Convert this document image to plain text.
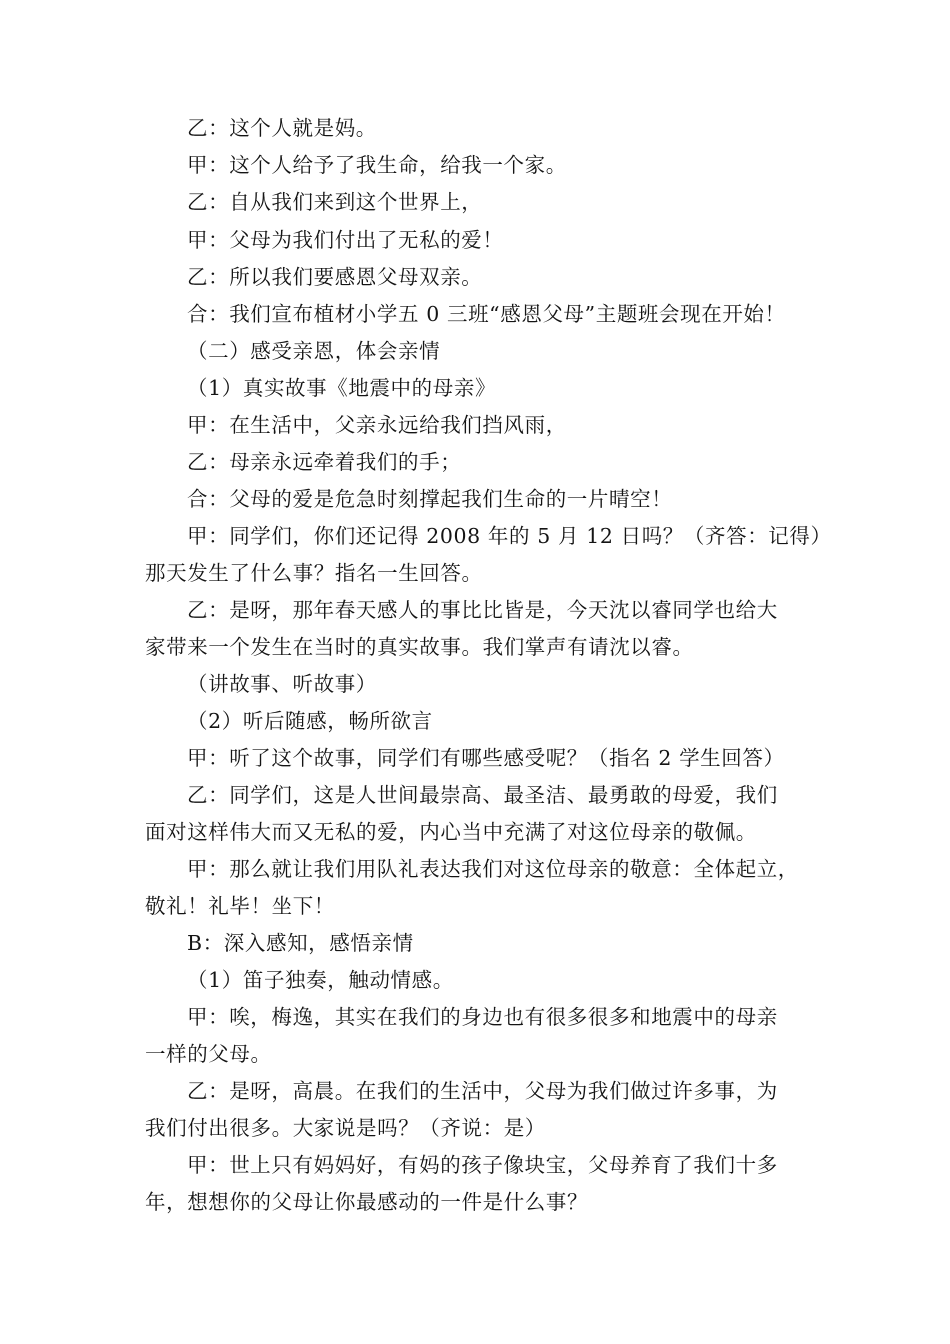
乙：这个人就是妈。
甲：这个人给予了我生命，给我一个家。
乙：自从我们来到这个世界上，
甲：父母为我们付出了无私的爱！
乙：所以我们要感恩父母双亲。
合：我们宣布植材小学五 0 三班“感恩父母”主题班会现在开始！
（二）感受亲恩，体会亲情
（1）真实故事《地震中的母亲》
甲：在生活中，父亲永远给我们挡风雨，
乙：母亲永远牵着我们的手；
合：父母的爱是危急时刻撑起我们生命的一片晴空！
甲：同学们，你们还记得 2008 年的 5 月 12 日吗？（齐答：记得）
那天发生了什么事？指名一生回答。
乙：是呀，那年春天感人的事比比皆是，今天沈以睿同学也给大
家带来一个发生在当时的真实故事。我们掌声有请沈以睿。
（讲故事、听故事）
（2）听后随感，畅所欲言
甲：听了这个故事，同学们有哪些感受呢？（指名 2 学生回答）
乙：同学们，这是人世间最崇高、最圣洁、最勇敢的母爱，我们
面对这样伟大而又无私的爱，内心当中充满了对这位母亲的敬佩。
甲：那么就让我们用队礼表达我们对这位母亲的敬意：全体起立，
敬礼！礼毕！坐下！
B：深入感知，感悟亲情
（1）笛子独奏，触动情感。
甲：唉，梅逸，其实在我们的身边也有很多很多和地震中的母亲
一样的父母。
乙：是呀，高晨。在我们的生活中，父母为我们做过许多事，为
我们付出很多。大家说是吗？（齐说：是）
甲：世上只有妈妈好，有妈的孩子像块宝，父母养育了我们十多
年，想想你的父母让你最感动的一件是什么事？
